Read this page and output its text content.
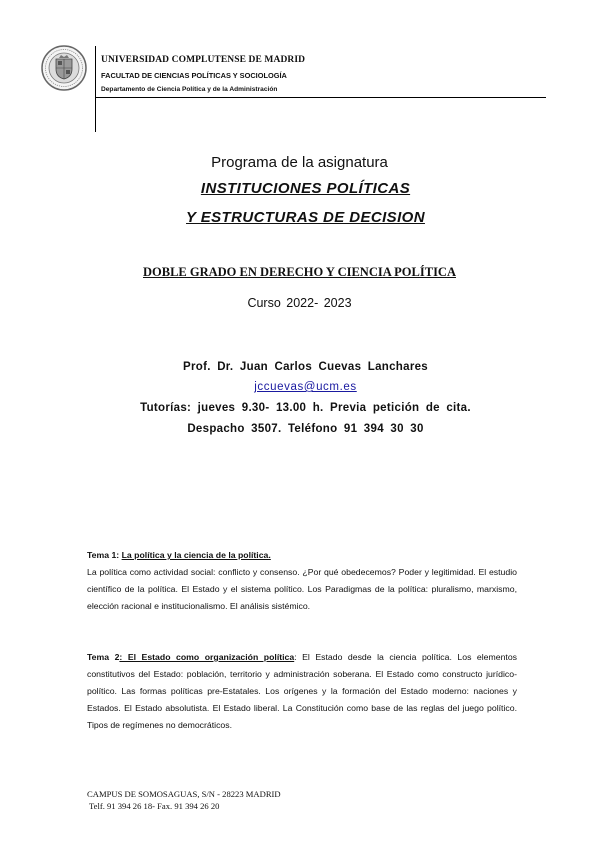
UNIVERSIDAD COMPLUTENSE DE MADRID
FACULTAD DE CIENCIAS POLÍTICAS Y SOCIOLOGÍA
Departamento de Ciencia Política y de la Administración
Programa de la asignatura
INSTITUCIONES POLÍTICAS
Y ESTRUCTURAS DE DECISION
DOBLE GRADO EN DERECHO Y CIENCIA POLÍTICA
Curso 2022- 2023
Prof. Dr. Juan Carlos Cuevas Lanchares
jccuevas@ucm.es
Tutorías: jueves 9.30- 13.00 h. Previa petición de cita.
Despacho 3507. Teléfono 91 394 30 30
Tema 1: La política y la ciencia de la política.
La política como actividad social: conflicto y consenso. ¿Por qué obedecemos? Poder y legitimidad. El estudio científico de la política. El Estado y el sistema político. Los Paradigmas de la política: pluralismo, marxismo, elección racional e institucionalismo. El análisis sistémico.
Tema 2: El Estado como organización política: El Estado desde la ciencia política. Los elementos constitutivos del Estado: población, territorio y administración soberana. El Estado como constructo jurídico- político. Las formas políticas pre-Estatales. Los orígenes y la formación del Estado moderno: naciones y Estados. El Estado absolutista. El Estado liberal. La Constitución como base de las reglas del juego político. Tipos de regímenes no democráticos.
CAMPUS DE SOMOSAGUAS, S/N - 28223 MADRID
Telf. 91 394 26 18- Fax. 91 394 26 20
